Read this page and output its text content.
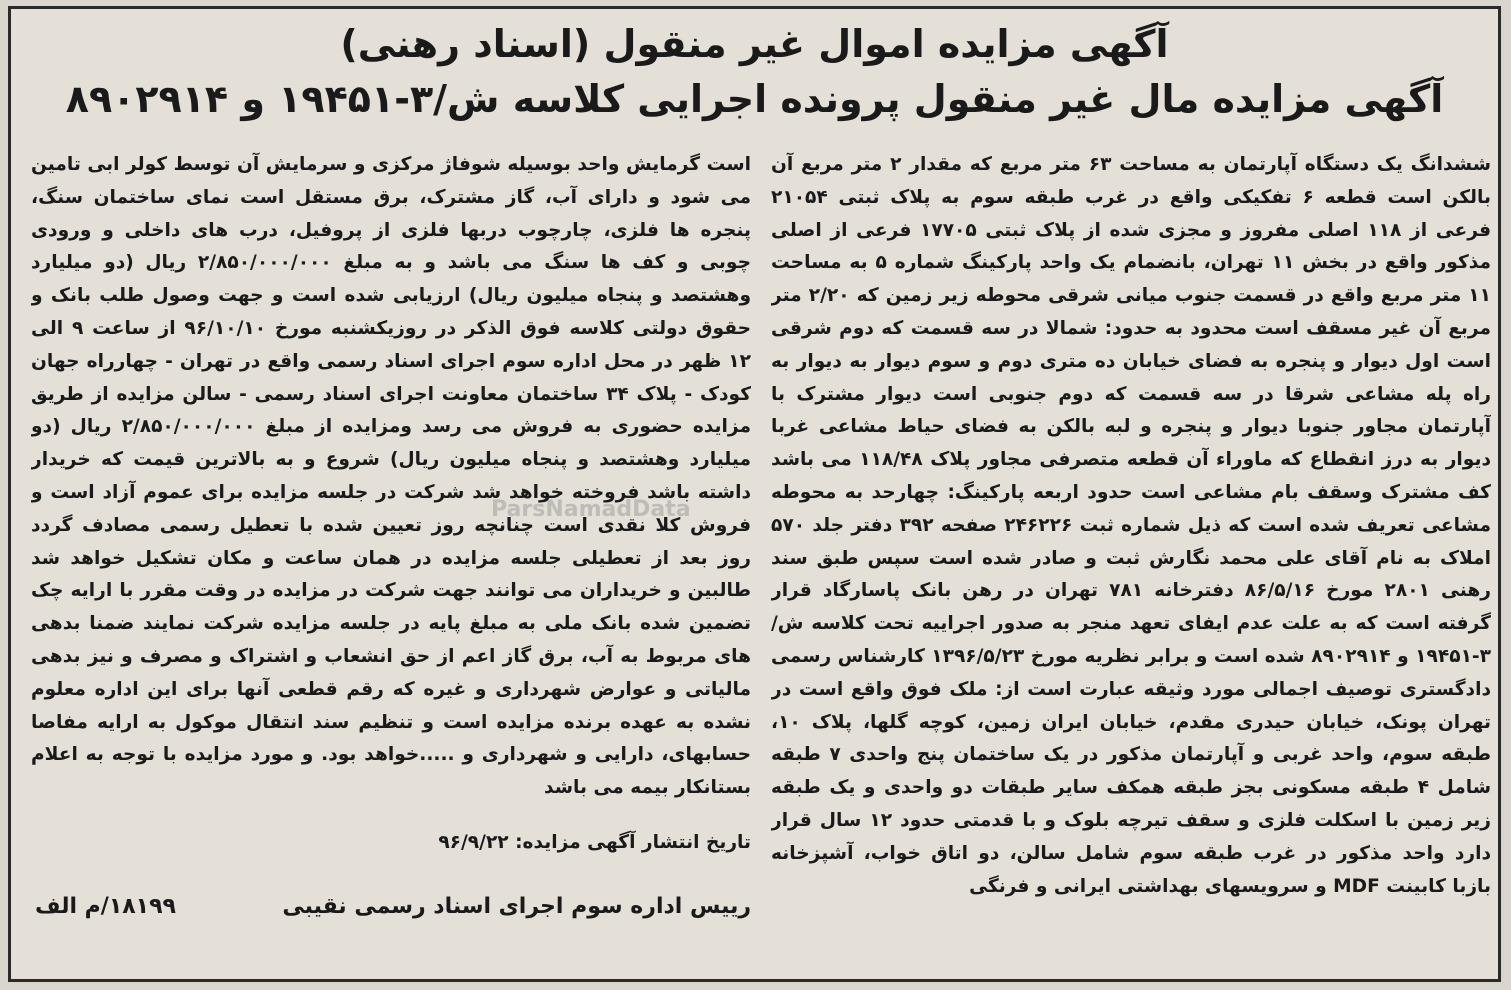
آگهی مزایده اموال غیر منقول (اسناد رهنی)
آگهی مزایده مال غیر منقول پرونده اجرایی کلاسه ش/۳-۱۹۴۵۱ و ۸۹۰۲۹۱۴
ششدانگ یک دستگاه آپارتمان به مساحت ۶۳ متر مربع که مقدار ۲ متر مربع آن بالکن است قطعه ۶ تفکیکی واقع در غرب طبقه سوم به پلاک ثبتی ۲۱۰۵۴ فرعی از ۱۱۸ اصلی مفروز و مجزی شده از پلاک ثبتی ۱۷۷۰۵ فرعی از اصلی مذکور واقع در بخش ۱۱ تهران، بانضمام یک واحد پارکینگ شماره ۵ به مساحت ۱۱ متر مربع واقع در قسمت جنوب میانی شرقی محوطه زیر زمین که ۲/۲۰ متر مربع آن غیر مسقف است محدود به حدود: شمالا در سه قسمت که دوم شرقی است اول دیوار و پنجره به فضای خیابان ده متری دوم و سوم دیوار به دیوار به راه پله مشاعی شرقا در سه قسمت که دوم جنوبی است دیوار مشترک با آپارتمان مجاور جنوبا دیوار و پنجره و لبه بالکن به فضای حیاط مشاعی غربا دیوار به درز انقطاع که ماوراء آن قطعه متصرفی مجاور پلاک ۱۱۸/۴۸ می باشد کف مشترک وسقف بام مشاعی است حدود اربعه پارکینگ: چهارحد به محوطه مشاعی تعریف شده است که ذیل شماره ثبت ۲۴۶۲۲۶ صفحه ۳۹۲ دفتر جلد ۵۷۰ املاک به نام آقای علی محمد نگارش ثبت و صادر شده است سپس طبق سند رهنی ۲۸۰۱ مورخ ۸۶/۵/۱۶ دفترخانه ۷۸۱ تهران در رهن بانک پاسارگاد قرار گرفته است که به علت عدم ایفای تعهد منجر به صدور اجراییه تحت کلاسه ش/۳-۱۹۴۵۱ و ۸۹۰۲۹۱۴ شده است و برابر نظریه مورخ ۱۳۹۶/۵/۲۳ کارشناس رسمی دادگستری توصیف اجمالی مورد وثیقه عبارت است از: ملک فوق واقع است در تهران پونک، خیابان حیدری مقدم، خیابان ایران زمین، کوچه گلها، پلاک ۱۰، طبقه سوم، واحد غربی و آپارتمان مذکور در یک ساختمان پنج واحدی ۷ طبقه شامل ۴ طبقه مسکونی بجز طبقه همکف سایر طبقات دو واحدی و یک طبقه زیر زمین با اسکلت فلزی و سقف تیرچه بلوک و با قدمتی حدود ۱۲ سال قرار دارد واحد مذکور در غرب طبقه سوم شامل سالن، دو اتاق خواب، آشپزخانه بازبا کابینت MDF و سرویسهای بهداشتی ایرانی و فرنگی
است گرمایش واحد بوسیله شوفاژ مرکزی و سرمایش آن توسط کولر ابی تامین می شود و دارای آب، گاز مشترک، برق مستقل است نمای ساختمان سنگ، پنجره ها فلزی، چارچوب دربها فلزی از پروفیل، درب های داخلی و ورودی چوبی و کف ها سنگ می باشد و به مبلغ ۲/۸۵۰/۰۰۰/۰۰۰ ریال (دو میلیارد وهشتصد و پنجاه میلیون ریال) ارزیابی شده است و جهت وصول طلب بانک و حقوق دولتی کلاسه فوق الذکر در روزیکشنبه مورخ ۹۶/۱۰/۱۰ از ساعت ۹ الی ۱۲ ظهر در محل اداره سوم اجرای اسناد رسمی واقع در تهران - چهارراه جهان کودک - پلاک ۳۴ ساختمان معاونت اجرای اسناد رسمی - سالن مزایده از طریق مزایده حضوری به فروش می رسد ومزایده از مبلغ ۲/۸۵۰/۰۰۰/۰۰۰ ریال (دو میلیارد وهشتصد و پنجاه میلیون ریال) شروع و به بالاترین قیمت که خریدار داشته باشد فروخته خواهد شد شرکت در جلسه مزایده برای عموم آزاد است و فروش کلا نقدی است چنانچه روز تعیین شده با تعطیل رسمی مصادف گردد روز بعد از تعطیلی جلسه مزایده در همان ساعت و مکان تشکیل خواهد شد طالبین و خریداران می توانند جهت شرکت در مزایده در وقت مقرر با ارایه چک تضمین شده بانک ملی به مبلغ پایه در جلسه مزایده شرکت نمایند ضمنا بدهی های مربوط به آب، برق گاز اعم از حق انشعاب و اشتراک و مصرف و نیز بدهی مالیاتی و عوارض شهرداری و غیره که رقم قطعی آنها برای این اداره معلوم نشده به عهده برنده مزایده است و تنظیم سند انتقال موکول به ارایه مفاصا حسابهای، دارایی و شهرداری و .....خواهد بود. و مورد مزایده با توجه به اعلام بستانکار بیمه می باشد
تاریخ انتشار آگهی مزایده: ۹۶/۹/۲۲
رییس اداره سوم اجرای اسناد رسمی نقیبی
۱۸۱۹۹/م الف
ParsNamadData
